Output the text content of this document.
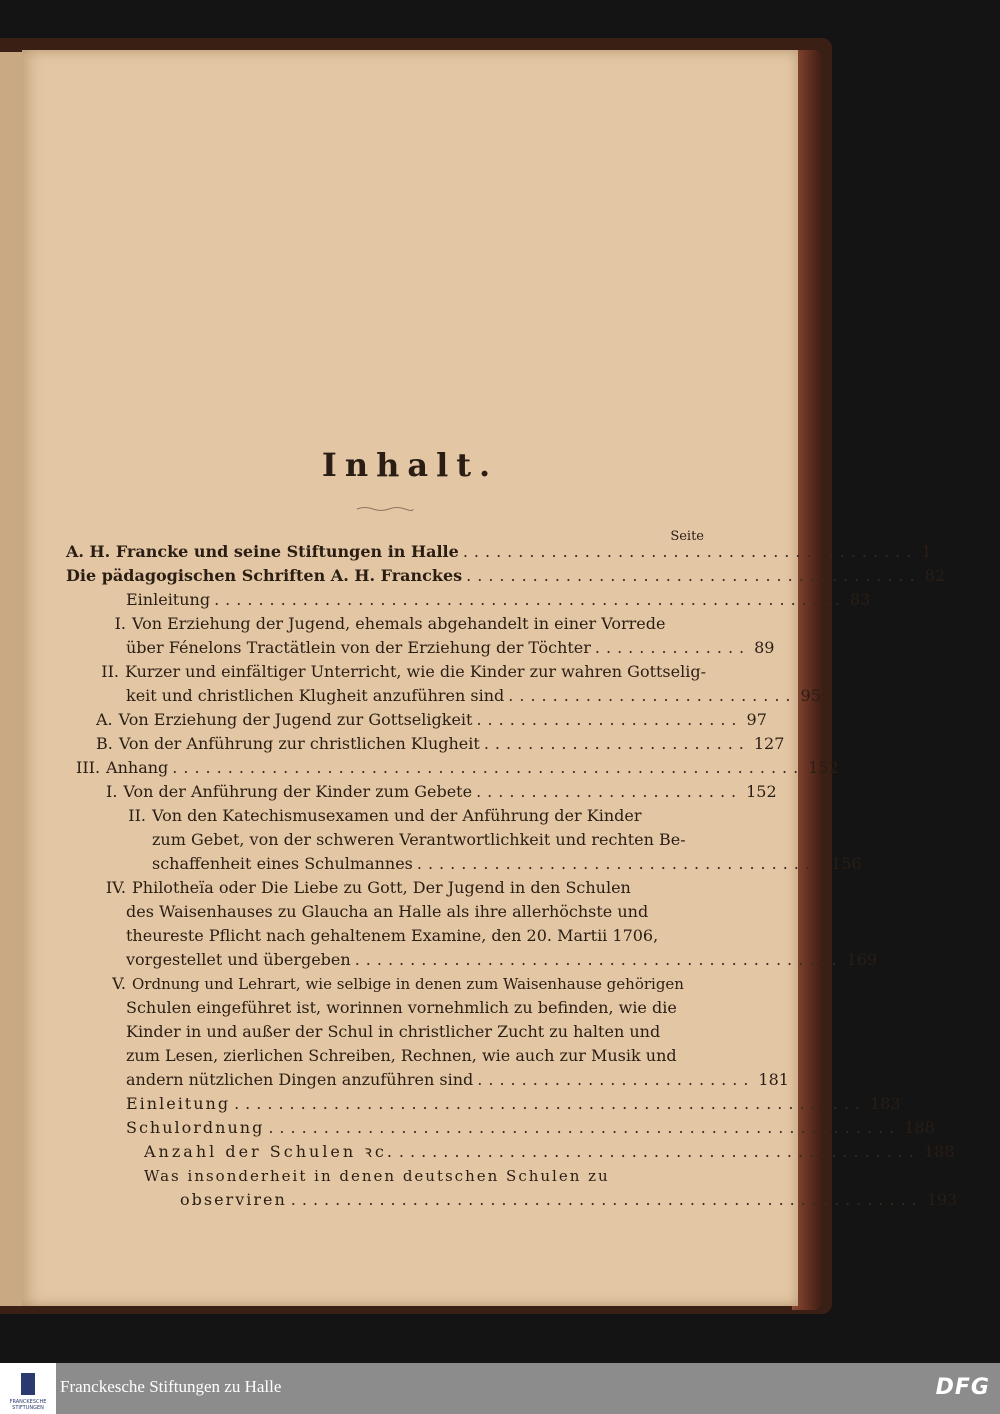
Inhalt.
Seite
A. H. Francke und seine Stiftungen in Halle ......................................... 1
Die pädagogischen Schriften A. H. Franckes ......................................... 82
Einleitung ......................................................... 83
I. Von Erziehung der Jugend, ehemals abgehandelt in einer Vorrede
über Fénelons Tractätlein von der Erziehung der Töchter .............. 89
II. Kurzer und einfältiger Unterricht, wie die Kinder zur wahren Gottselig-
keit und christlichen Klugheit anzuführen sind .......................... 95
A. Von Erziehung der Jugend zur Gottseligkeit ........................ 97
B. Von der Anführung zur christlichen Klugheit ........................ 127
III. Anhang ......................................................... 152
I. Von der Anführung der Kinder zum Gebete ........................ 152
II. Von den Katechismusexamen und der Anführung der Kinder
zum Gebet, von der schweren Verantwortlichkeit und rechten Be-
schaffenheit eines Schulmannes ..................................... 156
IV. Philotheïa oder Die Liebe zu Gott, Der Jugend in den Schulen
des Waisenhauses zu Glaucha an Halle als ihre allerhöchste und
theureste Pflicht nach gehaltenem Examine, den 20. Martii 1706,
vorgestellet und übergeben ............................................ 169
V. Ordnung und Lehrart, wie selbige in denen zum Waisenhause gehörigen
Schulen eingeführet ist, worinnen vornehmlich zu befinden, wie die
Kinder in und außer der Schul in christlicher Zucht zu halten und
zum Lesen, zierlichen Schreiben, Rechnen, wie auch zur Musik und
andern nützlichen Dingen anzuführen sind ......................... 181
Einleitung ......................................................... 183
Schulordnung ......................................................... 188
Anzahl der Schulen ꝛc. ............................................... 188
Was insonderheit in denen deutschen Schulen zu
observiren ......................................................... 193
FRANCKESCHE STIFTUNGEN
Franckesche Stiftungen zu Halle	DFG
